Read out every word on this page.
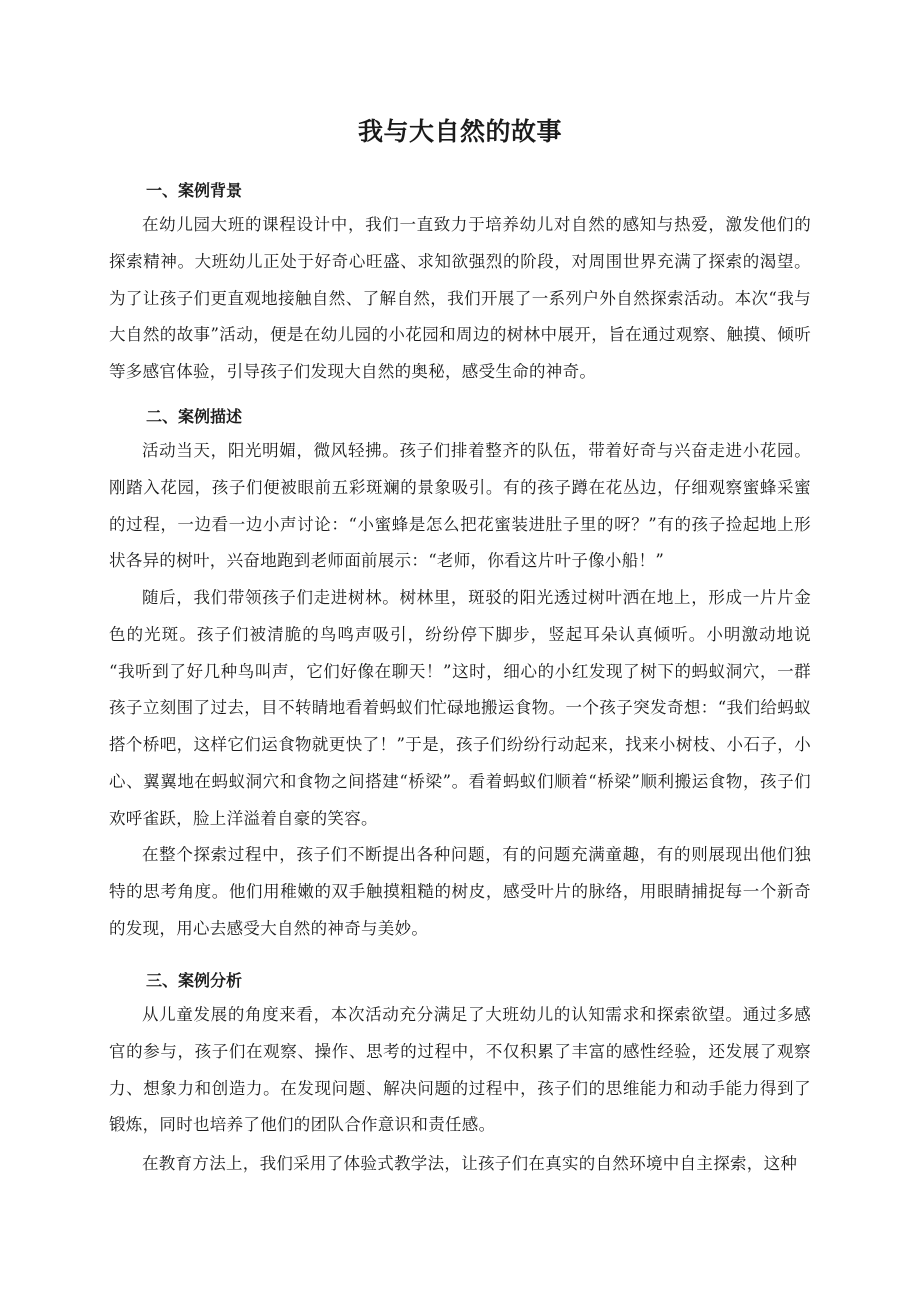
我与大自然的故事
一、案例背景

在幼儿园大班的课程设计中，我们一直致力于培养幼儿对自然的感知与热爱，激发他们的探索精神。大班幼儿正处于好奇心旺盛、求知欲强烈的阶段，对周围世界充满了探索的渴望。为了让孩子们更直观地接触自然、了解自然，我们开展了一系列户外自然探索活动。本次“我与大自然的故事”活动，便是在幼儿园的小花园和周边的树林中展开，旨在通过观察、触摸、倾听等多感官体验，引导孩子们发现大自然的奥秘，感受生命的神奇。

二、案例描述

活动当天，阳光明媚，微风轻拂。孩子们排着整齐的队伍，带着好奇与兴奋走进小花园。刚踏入花园，孩子们便被眼前五彩斑斓的景象吸引。有的孩子蹲在花丛边，仔细观察蜜蜂采蜜的过程，一边看一边小声讨论：“小蜜蜂是怎么把花蜜装进肚子里的呀？”有的孩子捡起地上形状各异的树叶，兴奋地跑到老师面前展示：“老师，你看这片叶子像小船！”

随后，我们带领孩子们走进树林。树林里，斑驳的阳光透过树叶洒在地上，形成一片片金色的光斑。孩子们被清脆的鸟鸣声吸引，纷纷停下脚步，竖起耳朵认真倾听。小明激动地说 “我听到了好几种鸟叫声，它们好像在聊天！”这时，细心的小红发现了树下的蚂蚁洞穴，一群孩子立刻围了过去，目不转睛地看着蚂蚁们忙碌地搬运食物。一个孩子突发奇想：“我们给蚂蚁搭个桥吧，这样它们运食物就更快了！”于是，孩子们纷纷行动起来，找来小树枝、小石子，小心、翼翼地在蚂蚁洞穴和食物之间搭建“桥梁”。看着蚂蚁们顺着“桥梁”顺利搬运食物，孩子们欢呼雀跃，脸上洋溢着自豪的笑容。

在整个探索过程中，孩子们不断提出各种问题，有的问题充满童趣，有的则展现出他们独特的思考角度。他们用稚嫩的双手触摸粗糙的树皮，感受叶片的脉络，用眼睛捕捉每一个新奇的发现，用心去感受大自然的神奇与美妙。

三、案例分析

从儿童发展的角度来看，本次活动充分满足了大班幼儿的认知需求和探索欲望。通过多感官的参与，孩子们在观察、操作、思考的过程中，不仅积累了丰富的感性经验，还发展了观察力、想象力和创造力。在发现问题、解决问题的过程中，孩子们的思维能力和动手能力得到了锻炼，同时也培养了他们的团队合作意识和责任感。

在教育方法上，我们采用了体验式教学法，让孩子们在真实的自然环境中自主探索，这种
